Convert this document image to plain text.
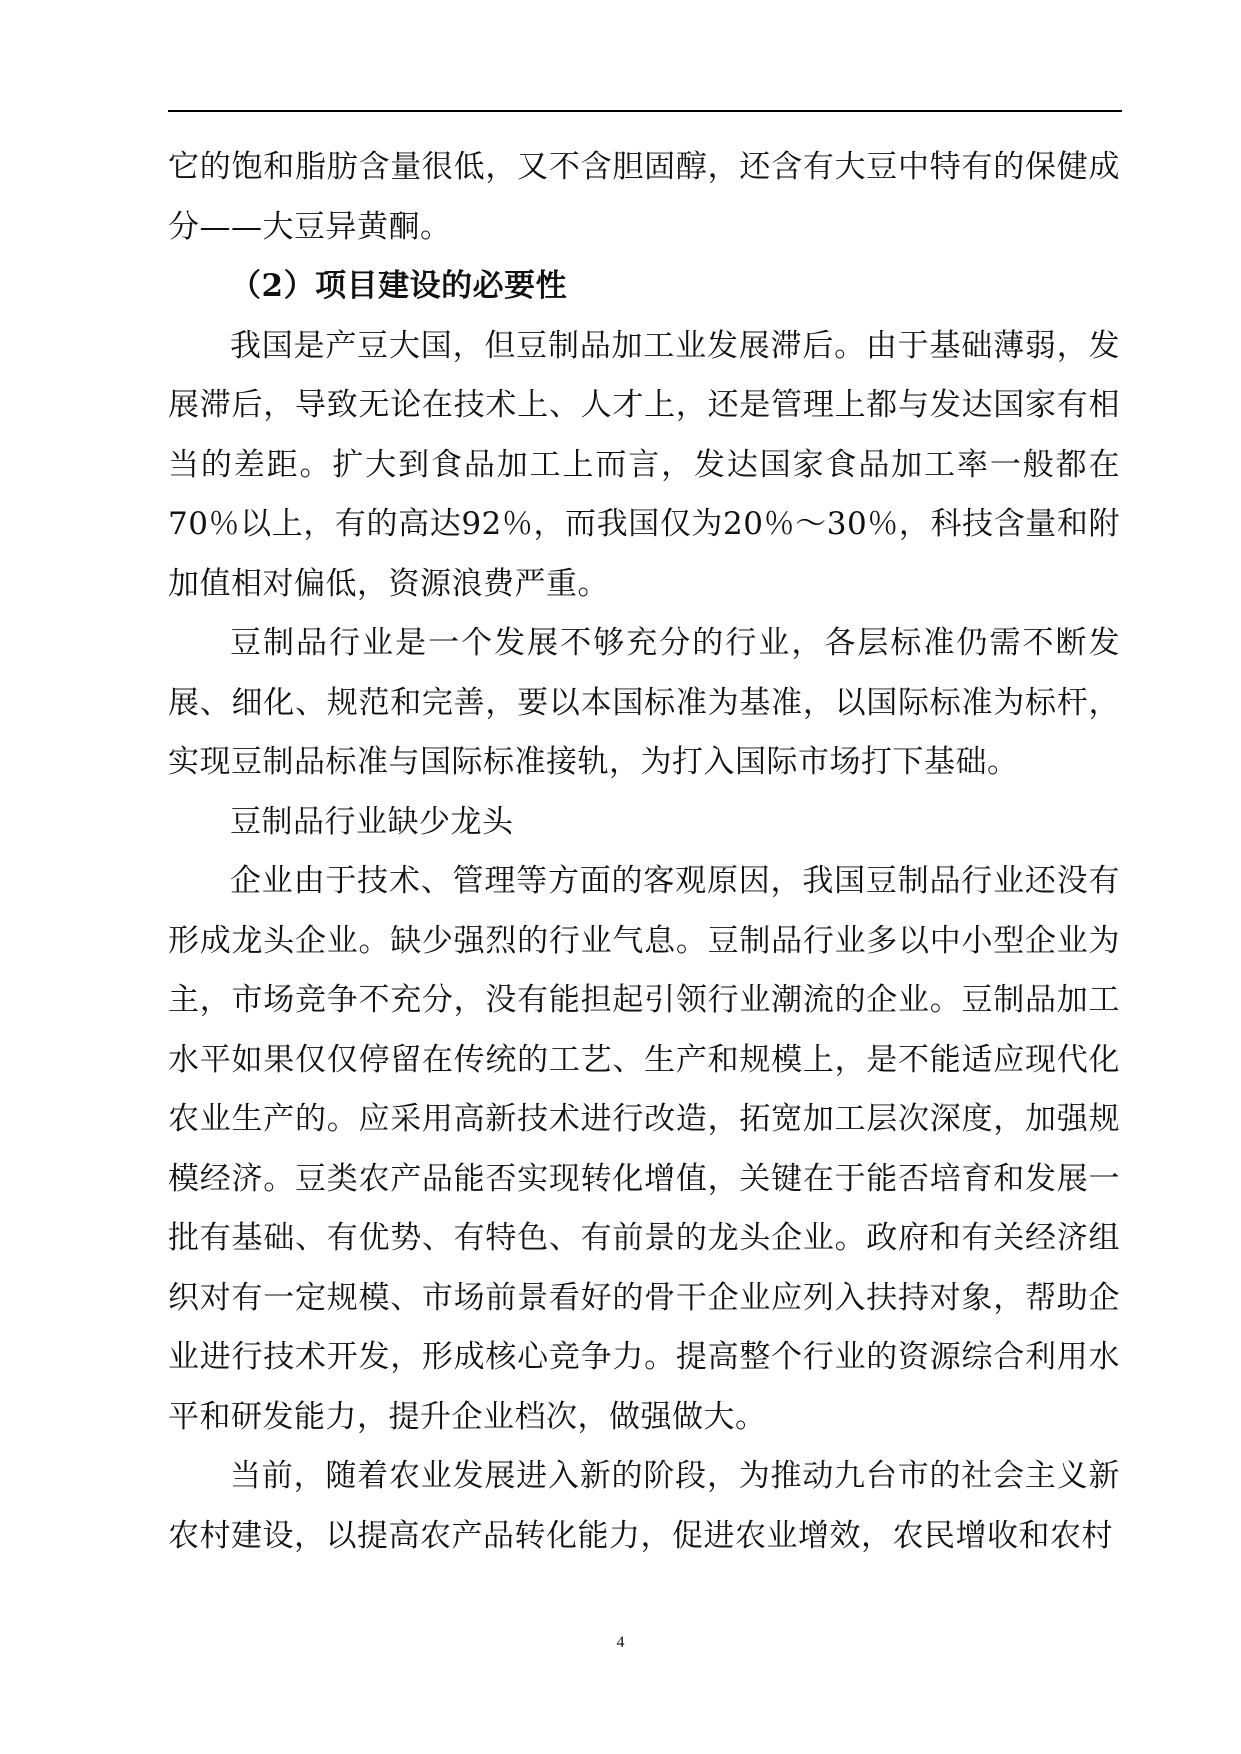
它的饱和脂肪含量很低，又不含胆固醇，还含有大豆中特有的保健成分——大豆异黄酮。

（2）项目建设的必要性

我国是产豆大国，但豆制品加工业发展滞后。由于基础薄弱，发展滞后，导致无论在技术上、人才上，还是管理上都与发达国家有相当的差距。扩大到食品加工上而言，发达国家食品加工率一般都在70％以上，有的高达92％，而我国仅为20％～30％，科技含量和附加值相对偏低，资源浪费严重。

豆制品行业是一个发展不够充分的行业，各层标准仍需不断发展、细化、规范和完善，要以本国标准为基准，以国际标准为标杆，实现豆制品标准与国际标准接轨，为打入国际市场打下基础。

豆制品行业缺少龙头

企业由于技术、管理等方面的客观原因，我国豆制品行业还没有形成龙头企业。缺少强烈的行业气息。豆制品行业多以中小型企业为主，市场竞争不充分，没有能担起引领行业潮流的企业。豆制品加工水平如果仅仅停留在传统的工艺、生产和规模上，是不能适应现代化农业生产的。应采用高新技术进行改造，拓宽加工层次深度，加强规模经济。豆类农产品能否实现转化增值，关键在于能否培育和发展一批有基础、有优势、有特色、有前景的龙头企业。政府和有关经济组织对有一定规模、市场前景看好的骨干企业应列入扶持对象，帮助企业进行技术开发，形成核心竞争力。提高整个行业的资源综合利用水平和研发能力，提升企业档次，做强做大。

当前，随着农业发展进入新的阶段，为推动九台市的社会主义新农村建设，以提高农产品转化能力，促进农业增效，农民增收和农村

4
